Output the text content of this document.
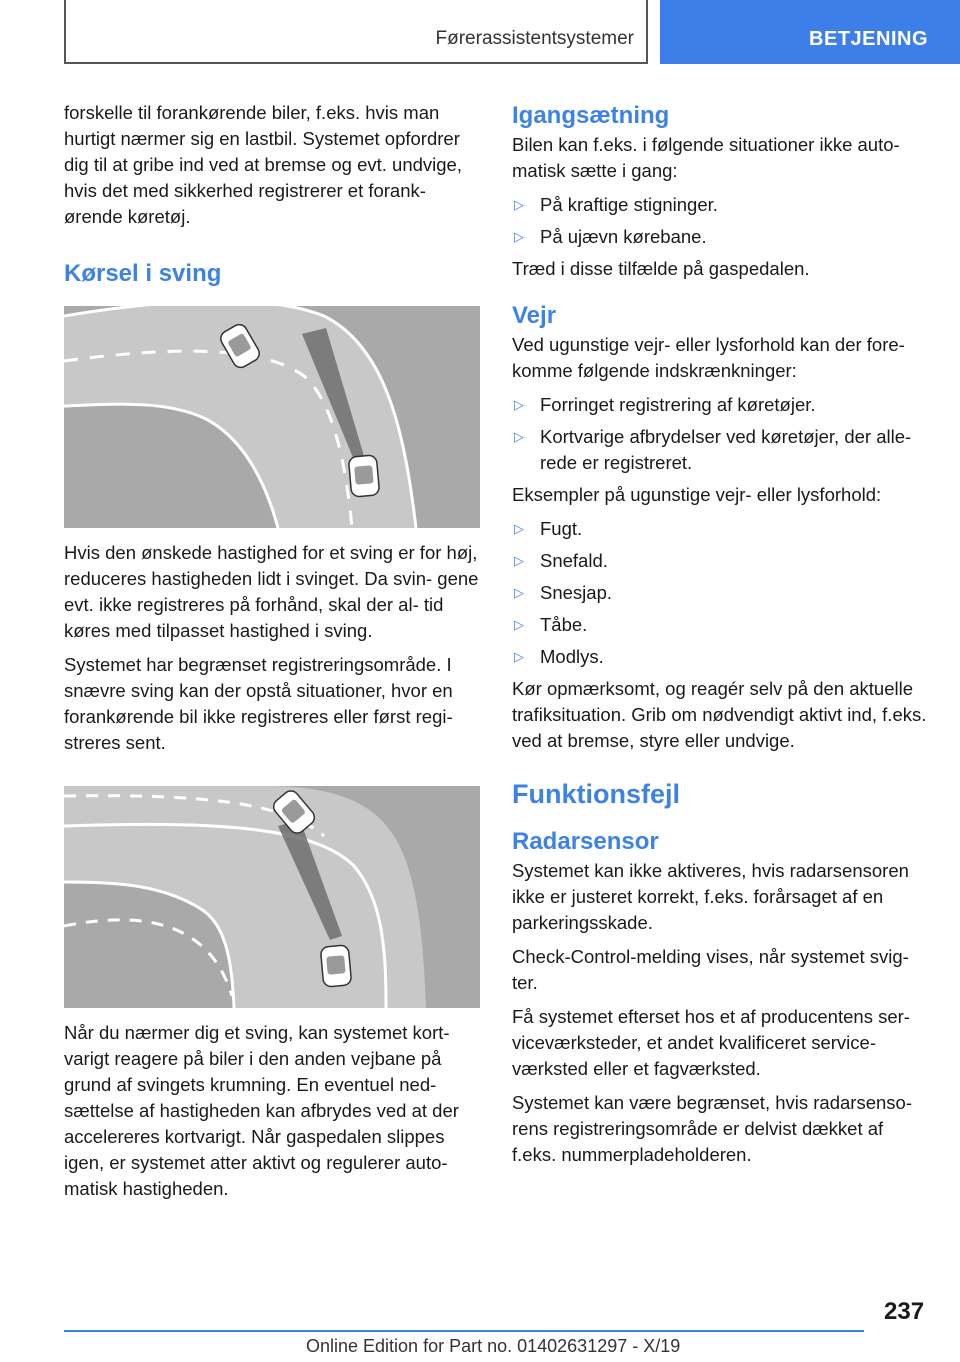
Førerassistentsystemer	BETJENING

forskelle til forankørende biler, f.eks. hvis man hurtigt nærmer sig en lastbil. Systemet opfordrer dig til at gribe ind ved at bremse og evt. undvige, hvis det med sikkerhed registrerer et forank‐ ørende køretøj.

Kørsel i sving

Hvis den ønskede hastighed for et sving er for høj, reduceres hastigheden lidt i svinget. Da svin‐ gene evt. ikke registreres på forhånd, skal der al‐ tid køres med tilpasset hastighed i sving.

Systemet har begrænset registreringsområde. I snævre sving kan der opstå situationer, hvor en forankørende bil ikke registreres eller først regi‐ streres sent.

Når du nærmer dig et sving, kan systemet kort‐ varigt reagere på biler i den anden vejbane på grund af svingets krumning. En eventuel ned‐ sættelse af hastigheden kan afbrydes ved at der accelereres kortvarigt. Når gaspedalen slippes igen, er systemet atter aktivt og regulerer auto‐ matisk hastigheden.

Igangsætning

Bilen kan f.eks. i følgende situationer ikke auto‐ matisk sætte i gang:

▷ På kraftige stigninger.
▷ På ujævn kørebane.

Træd i disse tilfælde på gaspedalen.

Vejr

Ved ugunstige vejr- eller lysforhold kan der fore‐ komme følgende indskrænkninger:

▷ Forringet registrering af køretøjer.
▷ Kortvarige afbrydelser ved køretøjer, der alle‐ rede er registreret.

Eksempler på ugunstige vejr- eller lysforhold:

▷ Fugt.
▷ Snefald.
▷ Snesjap.
▷ Tåbe.
▷ Modlys.

Kør opmærksomt, og reagér selv på den aktuelle trafiksituation. Grib om nødvendigt aktivt ind, f.eks. ved at bremse, styre eller undvige.

Funktionsfejl
Radarsensor

Systemet kan ikke aktiveres, hvis radarsensoren ikke er justeret korrekt, f.eks. forårsaget af en parkeringsskade.

Check-Control-melding vises, når systemet svig‐ ter.

Få systemet efterset hos et af producentens ser‐ viceværksteder, et andet kvalificeret service‐ værksted eller et fagværksted.

Systemet kan være begrænset, hvis radarsenso‐ rens registreringsområde er delvist dækket af f.eks. nummerpladeholderen.

237
Online Edition for Part no. 01402631297 - X/19
